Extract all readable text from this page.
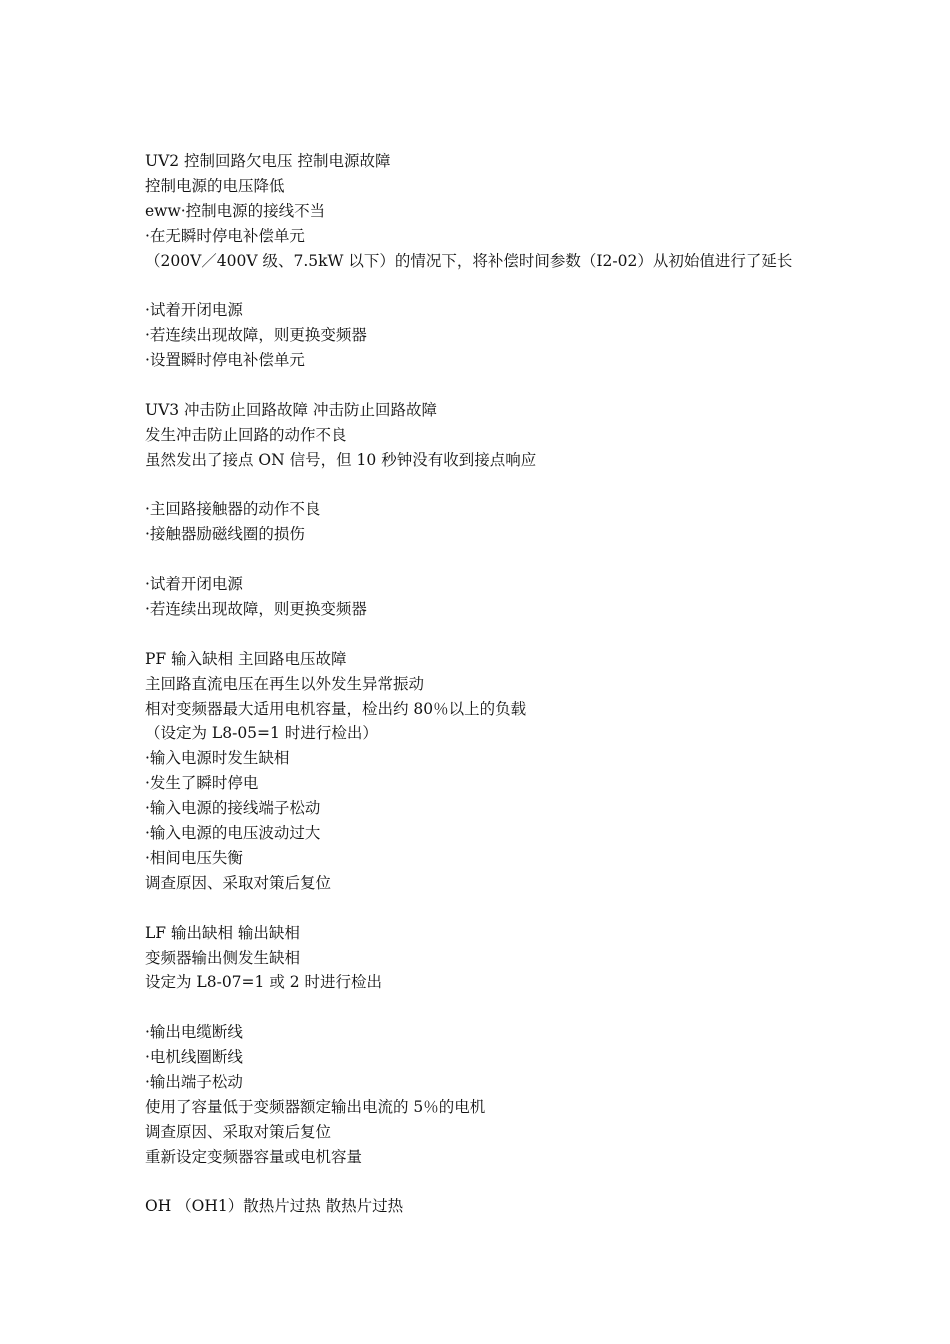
UV2 控制回路欠电压 控制电源故障
控制电源的电压降低
eww·控制电源的接线不当
·在无瞬时停电补偿单元
（200V／400V 级、7.5kW 以下）的情况下，将补偿时间参数（I2-02）从初始值进行了延长
·试着开闭电源
·若连续出现故障，则更换变频器
·设置瞬时停电补偿单元
UV3 冲击防止回路故障 冲击防止回路故障
发生冲击防止回路的动作不良
虽然发出了接点 ON 信号，但 10 秒钟没有收到接点响应
·主回路接触器的动作不良
·接触器励磁线圈的损伤
·试着开闭电源
·若连续出现故障，则更换变频器
PF 输入缺相 主回路电压故障
主回路直流电压在再生以外发生异常振动
相对变频器最大适用电机容量，检出约 80％以上的负载
（设定为 L8-05=1 时进行检出）
·输入电源时发生缺相
·发生了瞬时停电
·输入电源的接线端子松动
·输入电源的电压波动过大
·相间电压失衡
调查原因、采取对策后复位
LF 输出缺相 输出缺相
变频器输出侧发生缺相
设定为 L8-07=1 或 2 时进行检出
·输出电缆断线
·电机线圈断线
·输出端子松动
使用了容量低于变频器额定输出电流的 5％的电机
调查原因、采取对策后复位
重新设定变频器容量或电机容量
OH （OH1）散热片过热 散热片过热
